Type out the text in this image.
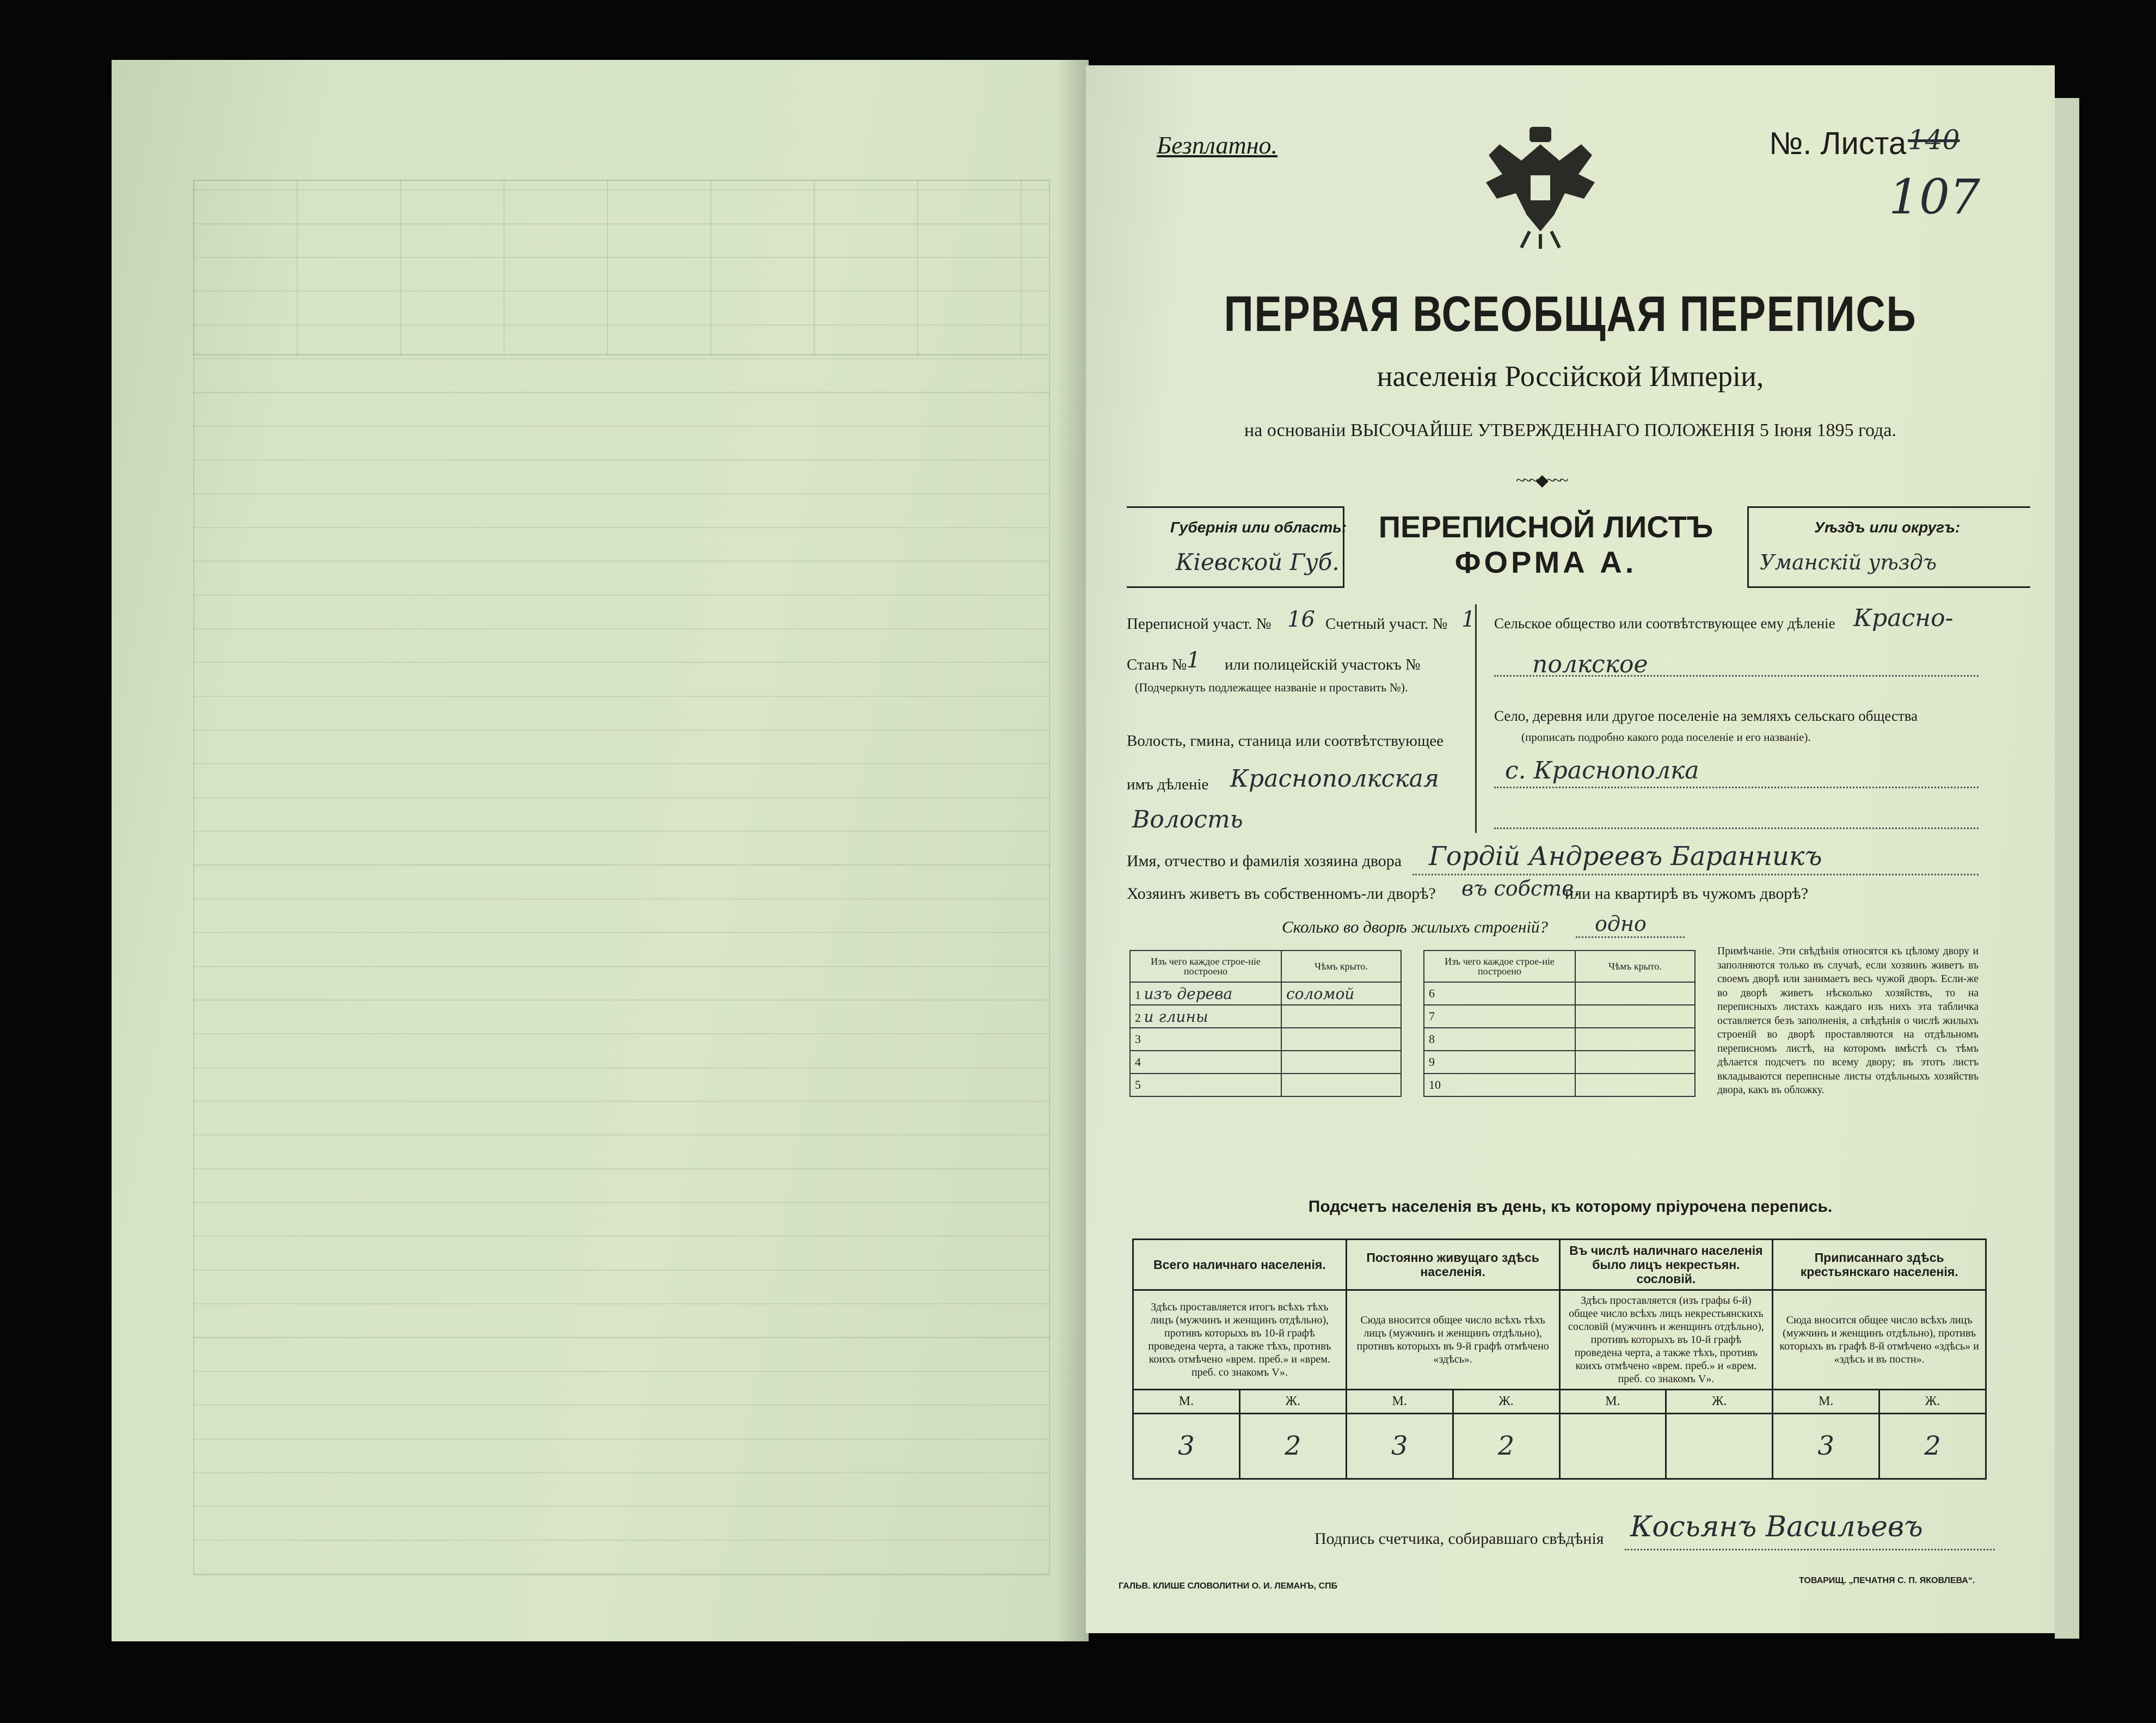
Безплатно.	№. Листа 140
107
ПЕРВАЯ ВСЕОБЩАЯ ПЕРЕПИСЬ
населенія Россійской Имперіи,
на основаніи ВЫСОЧАЙШЕ УТВЕРЖДЕННАГО ПОЛОЖЕНІЯ 5 Іюня 1895 года.
~~~◆~~~
Губернія или область:
Кіевской Губ.
ПЕРЕПИСНОЙ ЛИСТЪ
ФОРМА А.
Уѣздъ или округъ:
Уманскій уѣздъ
Переписной участ. № 16 Счетный участ. № 1
Станъ № 1 или полицейскій участокъ №
(Подчеркнуть подлежащее названіе и проставить №).
Волость, гмина, станица или соотвѣтствующее
имъ дѣленіе Краснополкская
Волость
Сельское общество или соотвѣтствующее ему дѣленіе Красно-
полкское
Село, деревня или другое поселеніе на земляхъ сельскаго общества
(прописать подробно какого рода поселеніе и его названіе).
с. Краснополка
Имя, отчество и фамилія хозяина двора Гордій Андреевъ Баранникъ
Хозяинъ живетъ въ собственномъ-ли дворѣ? въ собств.
или на квартирѣ въ чужомъ дворѣ?
Сколько во дворѣ жилыхъ строеній? одно
Изъ чего каждое строе-ніе построено	Чѣмъ крыто.
1 изъ дерева	соломой
2 и глины	
3	
4	
5	
Изъ чего каждое строе-ніе построено	Чѣмъ крыто.
6	
7	
8	
9	
10	
Примѣчаніе. Эти свѣдѣнія относятся къ цѣлому двору и заполняются только въ случаѣ, если хозяинъ живетъ въ своемъ дворѣ или занимаетъ весь чужой дворъ. Если-же во дворѣ живетъ нѣсколько хозяйствъ, то на переписныхъ листахъ каждаго изъ нихъ эта табличка оставляется безъ заполненія, а свѣдѣнія о числѣ жилыхъ строеній во дворѣ проставляются на отдѣльномъ переписномъ листѣ, на которомъ вмѣстѣ съ тѣмъ дѣлается подсчетъ по всему двору; въ этотъ листъ вкладываются переписные листы отдѣльныхъ хозяйствъ двора, какъ въ обложку.
Подсчетъ населенія въ день, къ которому пріурочена перепись.
Всего наличнаго населенія.		Постоянно живущаго здѣсь населенія.		Въ числѣ наличнаго населенія было лицъ некрестьян. сословій.		Приписаннаго здѣсь крестьянскаго населенія.	
Здѣсь проставляется итогъ всѣхъ тѣхъ лицъ (мужчинъ и женщинъ отдѣльно), противъ которыхъ въ 10-й графѣ проведена черта, а также тѣхъ, противъ коихъ отмѣчено «врем. преб.» и «врем. преб. со знакомъ V».		Сюда вносится общее число всѣхъ тѣхъ лицъ (мужчинъ и женщинъ отдѣльно), противъ которыхъ въ 9-й графѣ отмѣчено «здѣсь».		Здѣсь проставляется (изъ графы 6-й) общее число всѣхъ лицъ некрестьянскихъ сословій (мужчинъ и женщинъ отдѣльно), противъ которыхъ въ 10-й графѣ проведена черта, а также тѣхъ, противъ коихъ отмѣчено «врем. преб.» и «врем. преб. со знакомъ V».		Сюда вносится общее число всѣхъ лицъ (мужчинъ и женщинъ отдѣльно), противъ которыхъ въ графѣ 8-й отмѣчено «здѣсь» и «здѣсь и въ постн».	
М.	Ж.	М.	Ж.	М.	Ж.	М.	Ж.
3	2	3	2			3	2
Подпись счетчика, собиравшаго свѣдѣнія Косьянъ Васильевъ
ГАЛЬВ. КЛИШЕ СЛОВОЛИТНИ О. И. ЛЕМАНЪ, СПБ
ТОВАРИЩ. „ПЕЧАТНЯ С. П. ЯКОВЛЕВА“.
